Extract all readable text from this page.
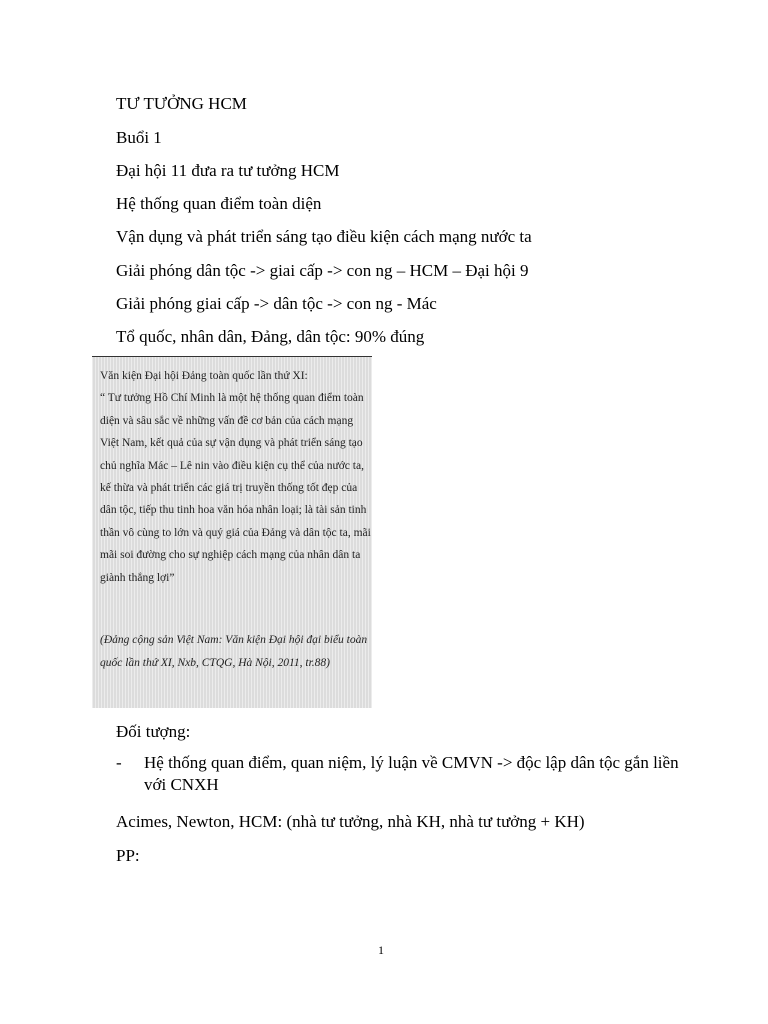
TƯ TƯỞNG HCM
Buổi 1
Đại hội 11 đưa ra tư tưởng HCM
Hệ thống quan điểm toàn diện
Vận dụng và phát triển sáng tạo điều kiện cách mạng nước ta
Giải phóng dân tộc -> giai cấp -> con ng – HCM – Đại hội 9
Giải phóng giai cấp -> dân tộc -> con ng - Mác
Tổ quốc, nhân dân, Đảng, dân tộc: 90% đúng

Văn kiện Đại hội Đảng toàn quốc lần thứ XI:

“ Tư tưởng Hồ Chí Minh là một hệ thống quan điểm toàn diện và sâu sắc về những vấn đề cơ bản của cách mạng Việt Nam, kết quả của sự vận dụng và phát triển sáng tạo chủ nghĩa Mác – Lê nin vào điều kiện cụ thể của nước ta, kế thừa và phát triển các giá trị truyền thống tốt đẹp của dân tộc, tiếp thu tinh hoa văn hóa nhân loại; là tài sản tinh thần vô cùng to lớn và quý giá của Đảng và dân tộc ta, mãi mãi soi đường cho sự nghiệp cách mạng của nhân dân ta giành thắng lợi”

(Đảng cộng sản Việt Nam: Văn kiện Đại hội đại biểu toàn quốc lần thứ XI, Nxb, CTQG, Hà Nội, 2011, tr.88)
Đối tượng:
- Hệ thống quan điểm, quan niệm, lý luận về CMVN -> độc lập dân tộc gắn liền với CNXH
Acimes, Newton, HCM: (nhà tư tưởng, nhà KH, nhà tư tưởng + KH)
PP:
1
